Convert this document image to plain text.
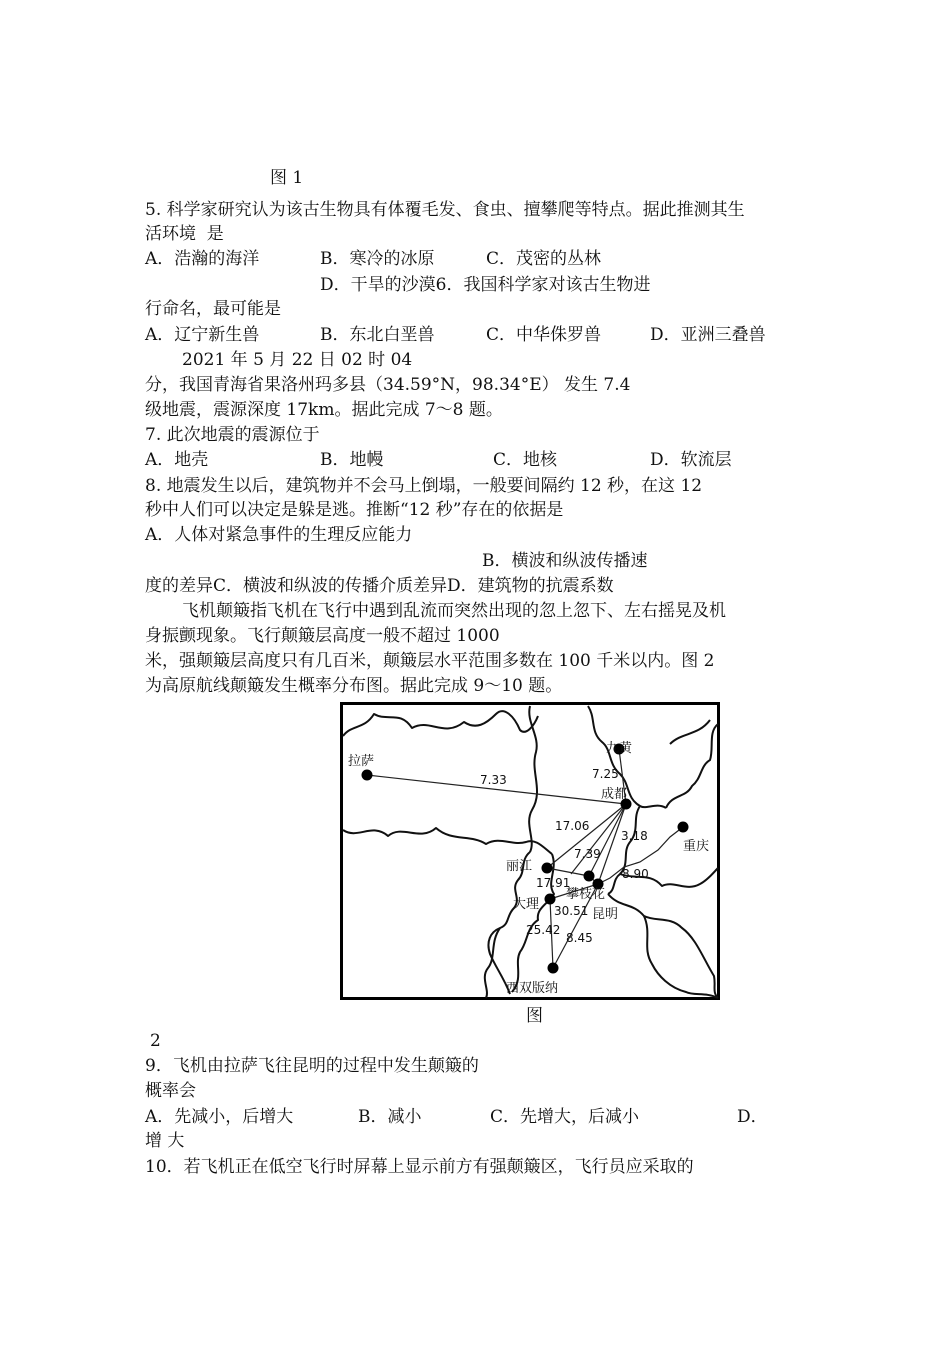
图 1
5. 科学家研究认为该古生物具有体覆毛发、食虫、擅攀爬等特点。据此推测其生
活环境  是
A．浩瀚的海洋	B．寒冷的冰原	C．茂密的丛林
D．干旱的沙漠6．我国科学家对该古生物进
行命名，最可能是
A．辽宁新生兽	B．东北白垩兽	C．中华侏罗兽	D．亚洲三叠兽
2021 年 5 月 22 日 02 时 04
分，我国青海省果洛州玛多县（34.59°N，98.34°E） 发生 7.4
级地震，震源深度 17km。据此完成 7～8 题。
7. 此次地震的震源位于
A．地壳	B．地幔	C．地核	D．软流层
8. 地震发生以后，建筑物并不会马上倒塌，一般要间隔约 12 秒，在这 12
秒中人们可以决定是躲是逃。推断“12 秒”存在的依据是
A．人体对紧急事件的生理反应能力
B．横波和纵波传播速
度的差异C．横波和纵波的传播介质差异D．建筑物的抗震系数
飞机颠簸指飞机在飞行中遇到乱流而突然出现的忽上忽下、左右摇晃及机
身振颤现象。飞行颠簸层高度一般不超过 1000
米，强颠簸层高度只有几百米，颠簸层水平范围多数在 100 千米以内。图 2
为高原航线颠簸发生概率分布图。据此完成 9～10 题。
拉萨
九黄
成都
重庆
丽江
攀枝花
大理
昆明
西双版纳
7.33	7.25
17.06
3.18
7.39
8.90
17.91
30.51
25.42
8.45
图
2
9．飞机由拉萨飞往昆明的过程中发生颠簸的
概率会
A．先减小，后增大	B．减小	C．先增大，后减小	D．
增 大
10．若飞机正在低空飞行时屏幕上显示前方有强颠簸区，飞行员应采取的
